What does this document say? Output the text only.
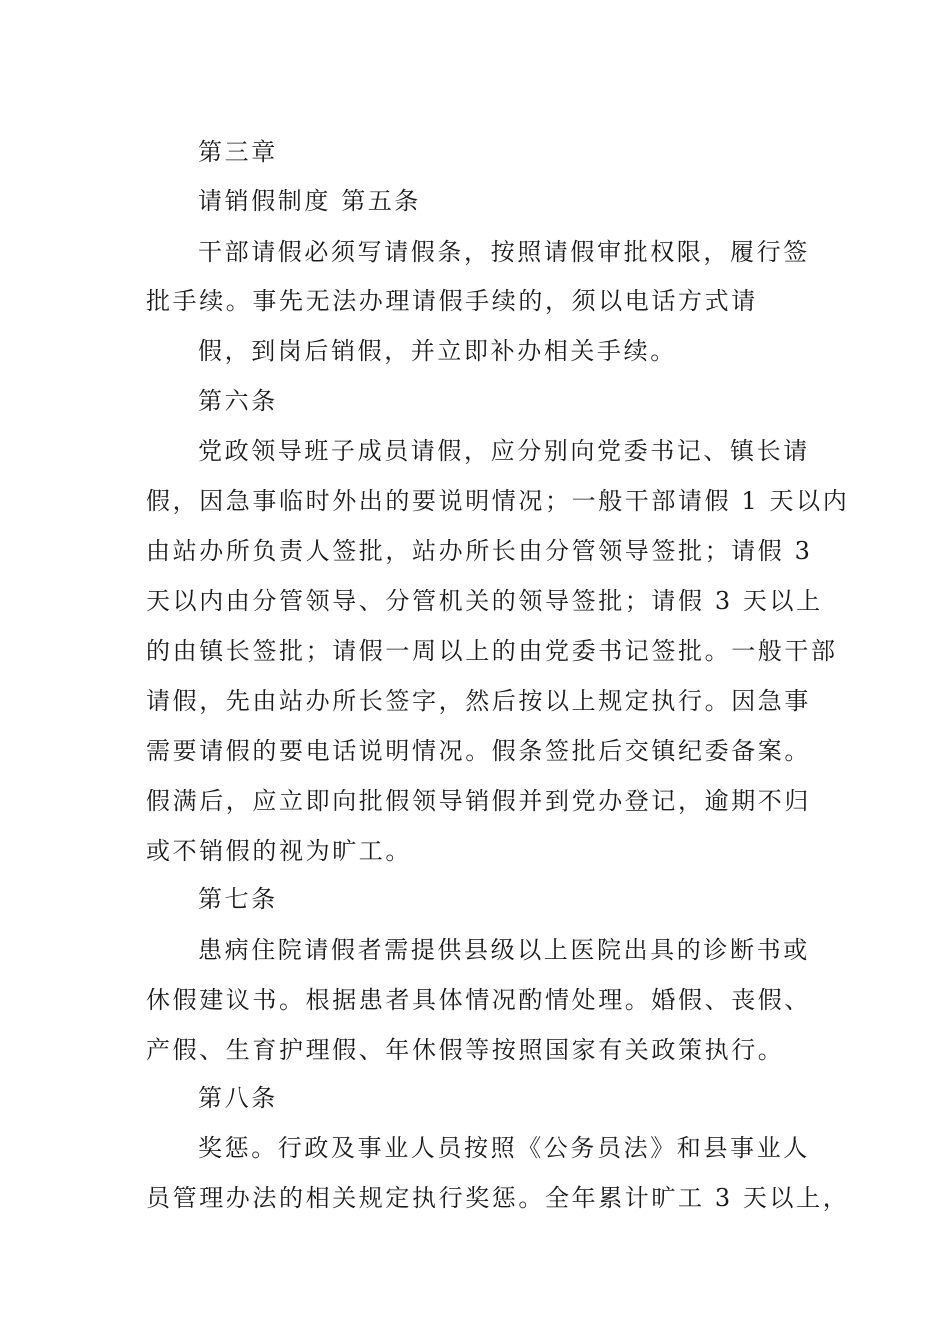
第三章
请销假制度 第五条
干部请假必须写请假条，按照请假审批权限，履行签
批手续。事先无法办理请假手续的，须以电话方式请
假，到岗后销假，并立即补办相关手续。
第六条
党政领导班子成员请假，应分别向党委书记、镇长请
假，因急事临时外出的要说明情况；一般干部请假 1 天以内
由站办所负责人签批，站办所长由分管领导签批；请假 3
天以内由分管领导、分管机关的领导签批；请假 3 天以上
的由镇长签批；请假一周以上的由党委书记签批。一般干部
请假，先由站办所长签字，然后按以上规定执行。因急事
需要请假的要电话说明情况。假条签批后交镇纪委备案。
假满后，应立即向批假领导销假并到党办登记，逾期不归
或不销假的视为旷工。
第七条
患病住院请假者需提供县级以上医院出具的诊断书或
休假建议书。根据患者具体情况酌情处理。婚假、丧假、
产假、生育护理假、年休假等按照国家有关政策执行。
第八条
奖惩。行政及事业人员按照《公务员法》和县事业人
员管理办法的相关规定执行奖惩。全年累计旷工 3 天以上，
